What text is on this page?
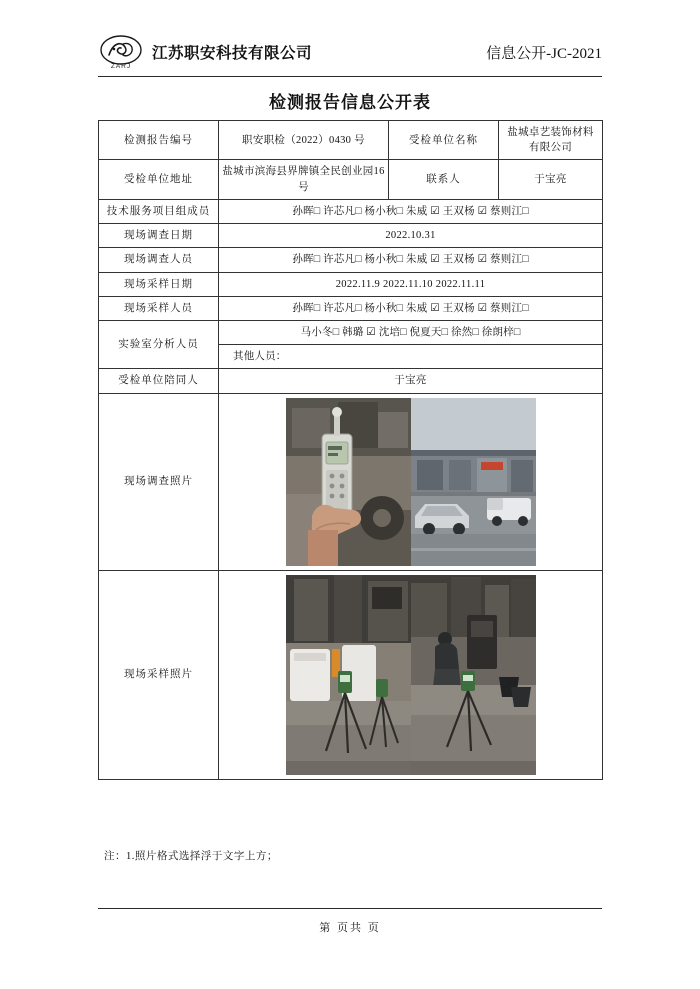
ZARJ
江苏职安科技有限公司	信息公开-JC-2021
检测报告信息公开表
检测报告编号	职安职检（2022）0430 号	受检单位名称	盐城卓艺装饰材料有限公司
受检单位地址	盐城市滨海县界牌镇全民创业园16号	联系人	于宝亮
技术服务项目组成员	孙晖□ 许芯凡□ 杨小秋□ 朱威 ☑ 王双杨 ☑ 蔡则江□		
现场调查日期	2022.10.31		
现场调查人员	孙晖□ 许芯凡□ 杨小秋□ 朱威 ☑ 王双杨 ☑ 蔡则江□		
现场采样日期	2022.11.9 2022.11.10 2022.11.11		
现场采样人员	孙晖□ 许芯凡□ 杨小秋□ 朱威 ☑ 王双杨 ☑ 蔡则江□		
实验室分析人员	马小冬□ 韩璐 ☑ 沈培□ 倪夏天□ 徐然□ 徐朗梓□		
	其他人员：		
受检单位陪同人	于宝亮		
现场调查照片	

现场采样照片	
注：1.照片格式选择浮于文字上方；
第 页共 页
